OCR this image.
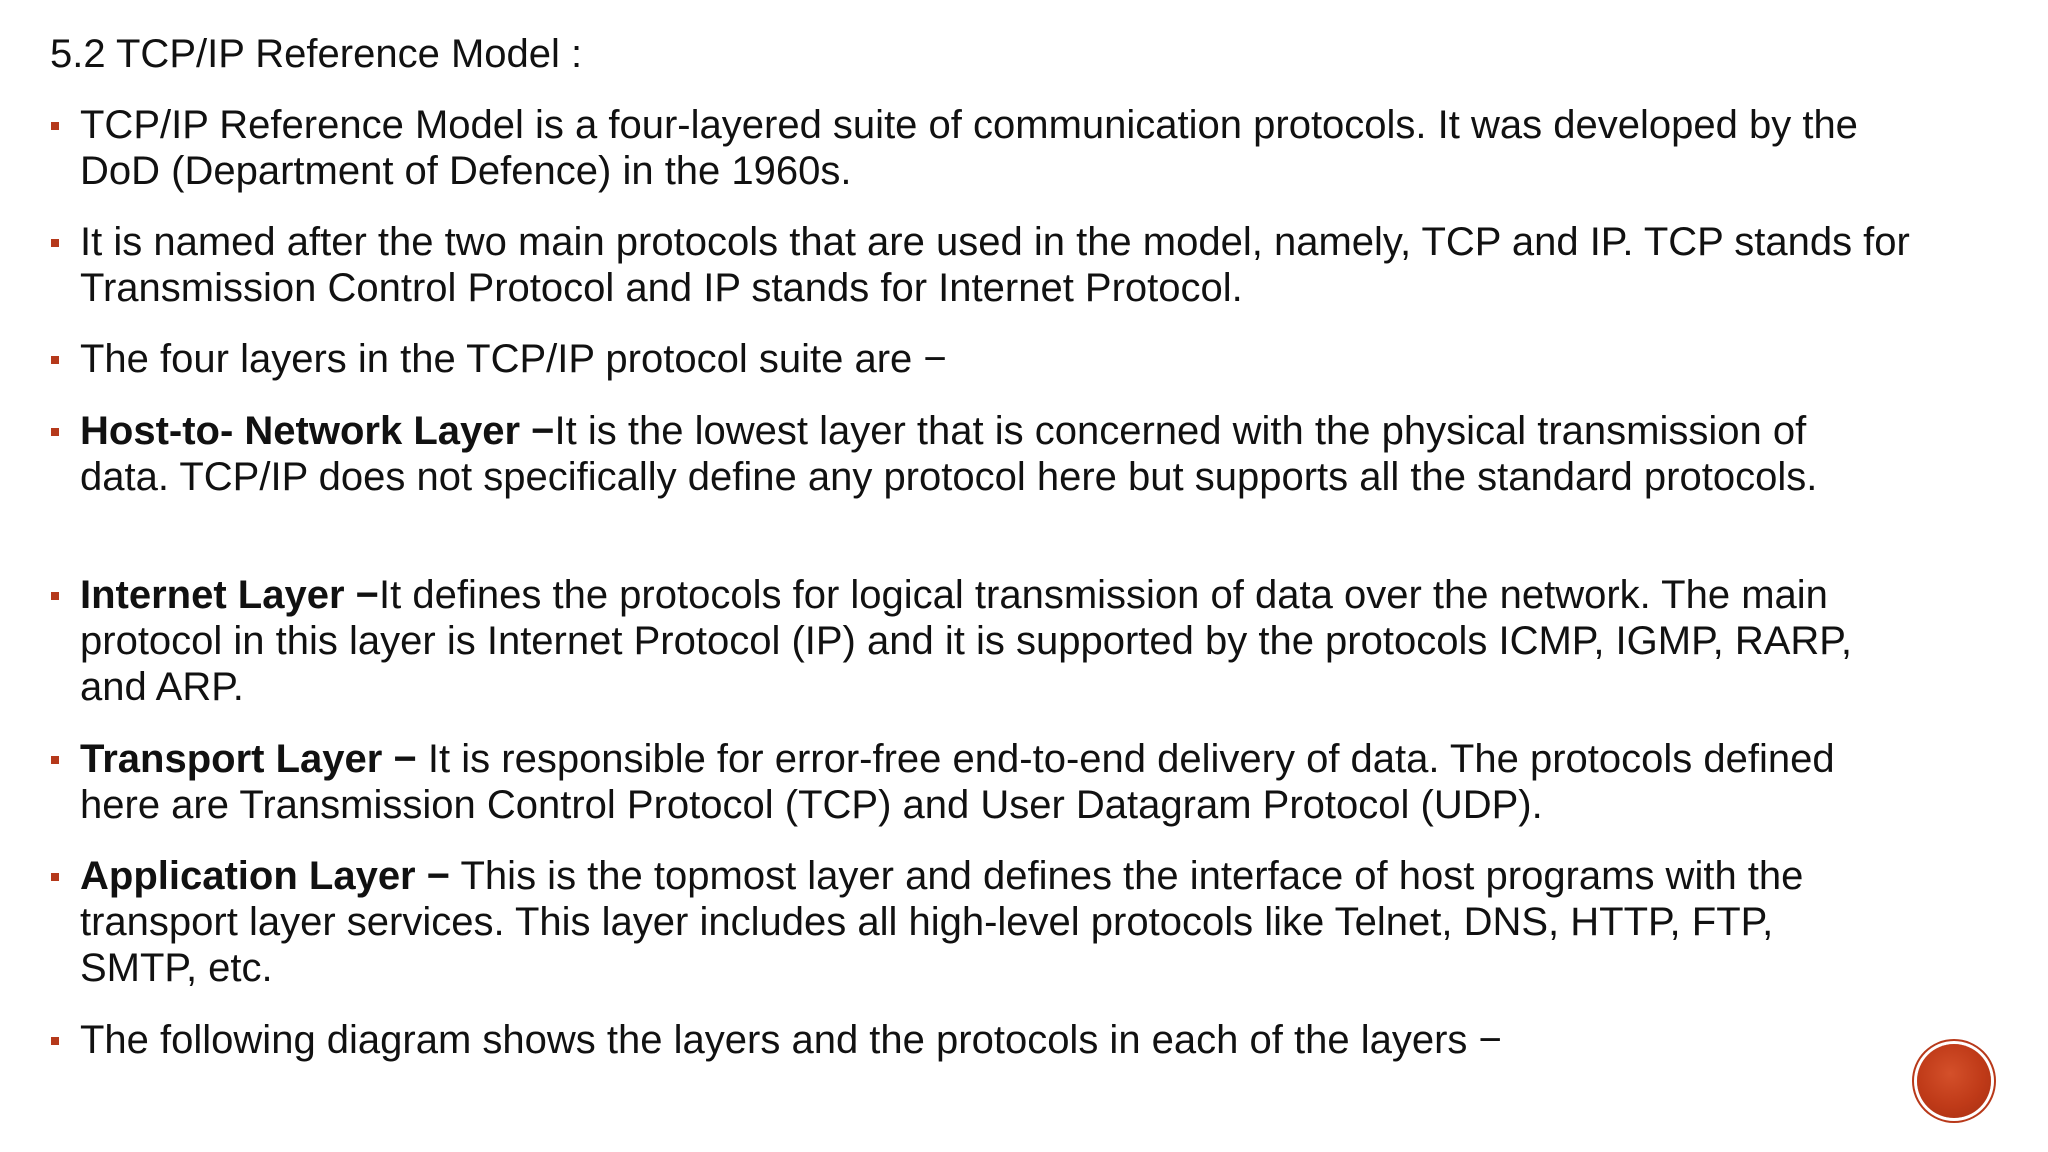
5.2 TCP/IP Reference Model :
TCP/IP Reference Model is a four-layered suite of communication protocols. It was developed by the DoD (Department of Defence) in the 1960s.
It is named after the two main protocols that are used in the model, namely, TCP and IP. TCP stands for Transmission Control Protocol and IP stands for Internet Protocol.
The four layers in the TCP/IP protocol suite are −
Host-to- Network Layer −It is the lowest layer that is concerned with the physical transmission of data. TCP/IP does not specifically define any protocol here but supports all the standard protocols.
Internet Layer −It defines the protocols for logical transmission of data over the network. The main protocol in this layer is Internet Protocol (IP) and it is supported by the protocols ICMP, IGMP, RARP, and ARP.
Transport Layer − It is responsible for error-free end-to-end delivery of data. The protocols defined here are Transmission Control Protocol (TCP) and User Datagram Protocol (UDP).
Application Layer − This is the topmost layer and defines the interface of host programs with the transport layer services. This layer includes all high-level protocols like Telnet, DNS, HTTP, FTP, SMTP, etc.
The following diagram shows the layers and the protocols in each of the layers −
